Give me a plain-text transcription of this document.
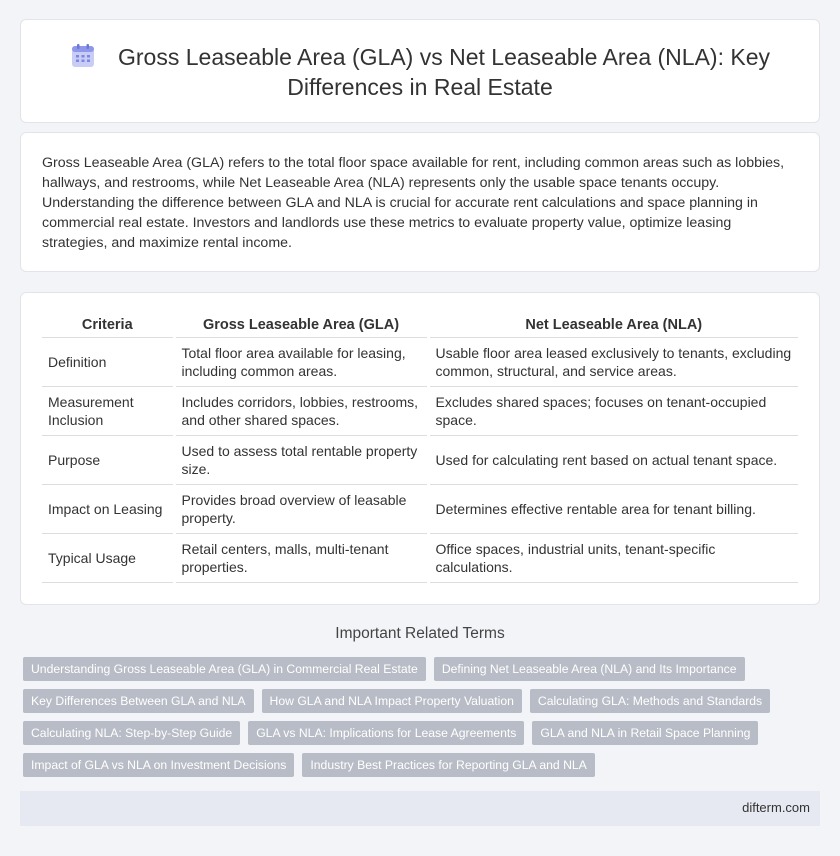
Gross Leaseable Area (GLA) vs Net Leaseable Area (NLA): Key Differences in Real Estate

Gross Leaseable Area (GLA) refers to the total floor space available for rent, including common areas such as lobbies, hallways, and restrooms, while Net Leaseable Area (NLA) represents only the usable space tenants occupy. Understanding the difference between GLA and NLA is crucial for accurate rent calculations and space planning in commercial real estate. Investors and landlords use these metrics to evaluate property value, optimize leasing strategies, and maximize rental income.

Criteria	Gross Leaseable Area (GLA)	Net Leaseable Area (NLA)
Definition	Total floor area available for leasing, including common areas.	Usable floor area leased exclusively to tenants, excluding common, structural, and service areas.
Measurement Inclusion	Includes corridors, lobbies, restrooms, and other shared spaces.	Excludes shared spaces; focuses on tenant-occupied space.
Purpose	Used to assess total rentable property size.	Used for calculating rent based on actual tenant space.
Impact on Leasing	Provides broad overview of leasable property.	Determines effective rentable area for tenant billing.
Typical Usage	Retail centers, malls, multi-tenant properties.	Office spaces, industrial units, tenant-specific calculations.
Important Related Terms
Understanding Gross Leaseable Area (GLA) in Commercial Real Estate	Defining Net Leaseable Area (NLA) and Its Importance
Key Differences Between GLA and NLA	How GLA and NLA Impact Property Valuation	Calculating GLA: Methods and Standards
Calculating NLA: Step-by-Step Guide	GLA vs NLA: Implications for Lease Agreements	GLA and NLA in Retail Space Planning
Impact of GLA vs NLA on Investment Decisions	Industry Best Practices for Reporting GLA and NLA
difterm.com
